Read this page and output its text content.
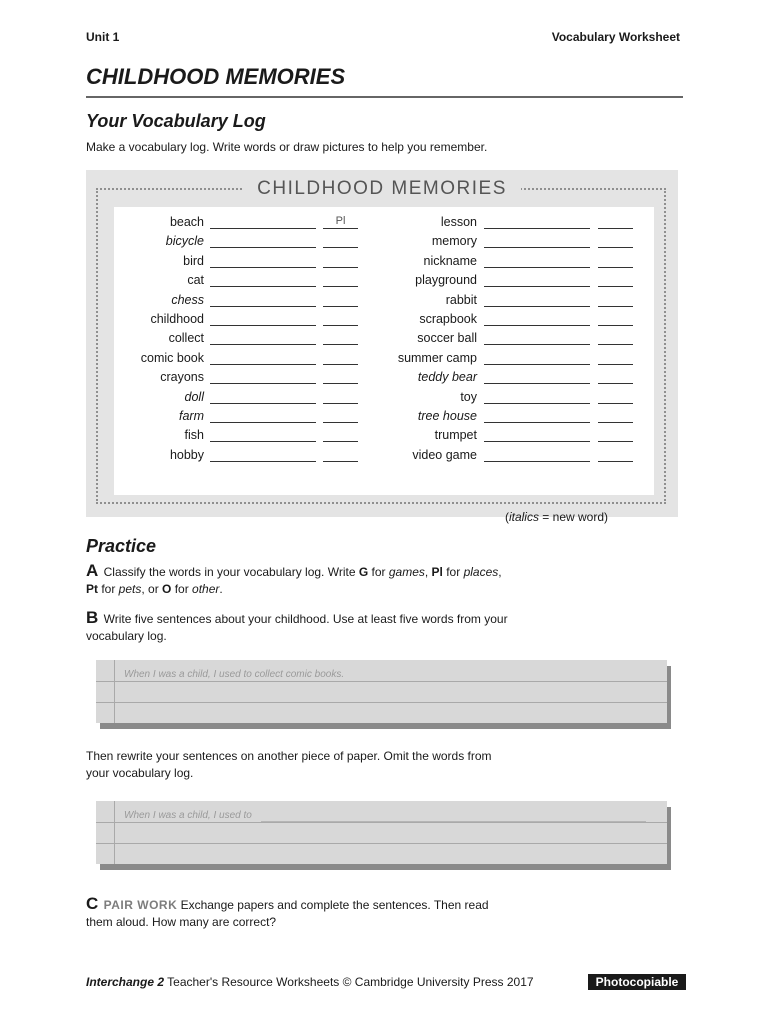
Unit 1	Vocabulary Worksheet
CHILDHOOD MEMORIES
Your Vocabulary Log
Make a vocabulary log. Write words or draw pictures to help you remember.
CHILDHOOD MEMORIES
(italics = new word)
beach	Pl
bicycle
bird
cat
chess
childhood
collect
comic book
crayons
doll
farm
fish
hobby
lesson
memory
nickname
playground
rabbit
scrapbook
soccer ball
summer camp
teddy bear
toy
tree house
trumpet
video game
Practice
A Classify the words in your vocabulary log. Write G for games, Pl for places,
Pt for pets, or O for other.
B Write five sentences about your childhood. Use at least five words from your
vocabulary log.
When I was a child, I used to collect comic books.
Then rewrite your sentences on another piece of paper. Omit the words from
your vocabulary log.
When I was a child, I used to
C PAIR WORK Exchange papers and complete the sentences. Then read
them aloud. How many are correct?
Interchange 2 Teacher's Resource Worksheets © Cambridge University Press 2017	Photocopiable
